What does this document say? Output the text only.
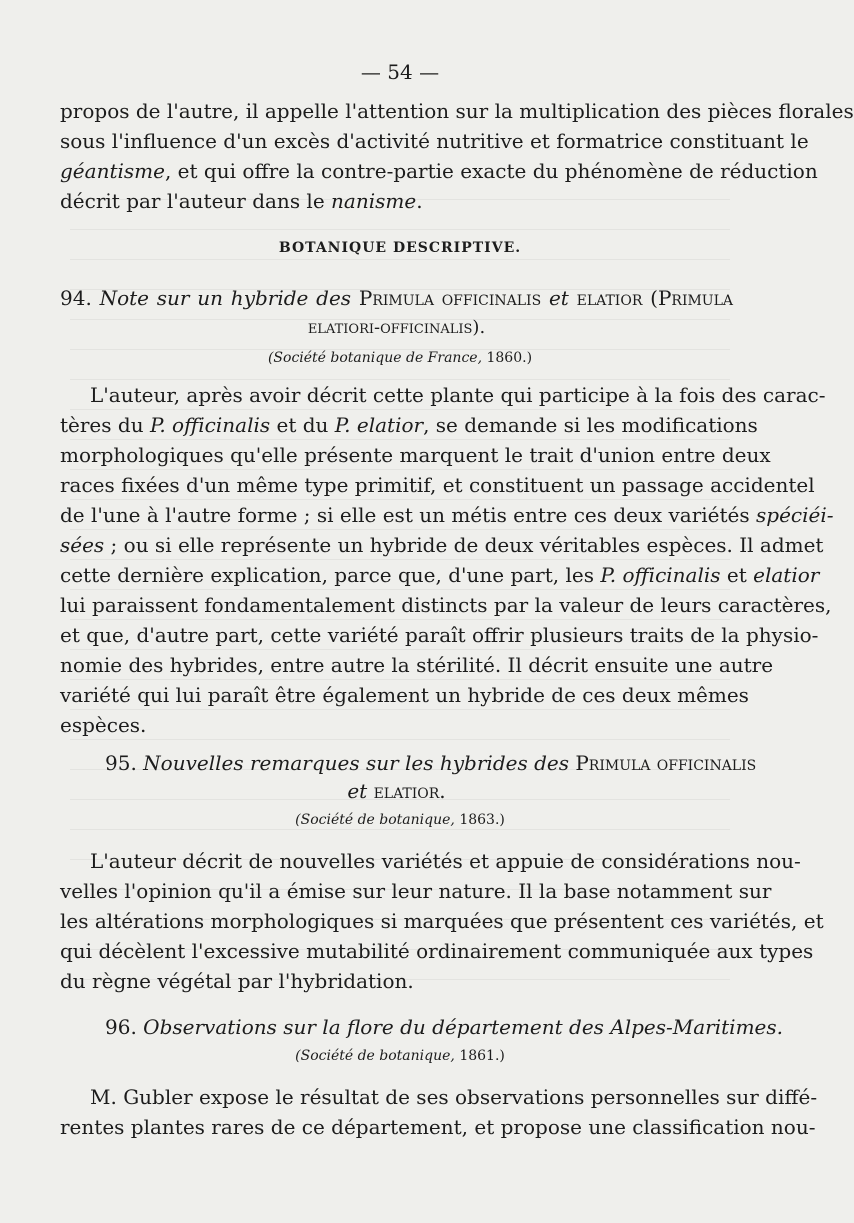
— 54 —
propos de l'autre, il appelle l'attention sur la multiplication des pièces florales
sous l'influence d'un excès d'activité nutritive et formatrice constituant le
géantisme, et qui offre la contre-partie exacte du phénomène de réduction
décrit par l'auteur dans le nanisme.
BOTANIQUE DESCRIPTIVE.
94. Note sur un hybride des Primula officinalis et elatior (Primula
elatiori-officinalis).
(Société botanique de France, 1860.)
L'auteur, après avoir décrit cette plante qui participe à la fois des carac-
tères du P. officinalis et du P. elatior, se demande si les modifications
morphologiques qu'elle présente marquent le trait d'union entre deux
races fixées d'un même type primitif, et constituent un passage accidentel
de l'une à l'autre forme ; si elle est un métis entre ces deux variétés spéciéi-
sées ; ou si elle représente un hybride de deux véritables espèces. Il admet
cette dernière explication, parce que, d'une part, les P. officinalis et elatior
lui paraissent fondamentalement distincts par la valeur de leurs caractères,
et que, d'autre part, cette variété paraît offrir plusieurs traits de la physio-
nomie des hybrides, entre autre la stérilité. Il décrit ensuite une autre
variété qui lui paraît être également un hybride de ces deux mêmes
espèces.
95. Nouvelles remarques sur les hybrides des Primula officinalis
et elatior.
(Société de botanique, 1863.)
L'auteur décrit de nouvelles variétés et appuie de considérations nou-
velles l'opinion qu'il a émise sur leur nature. Il la base notamment sur
les altérations morphologiques si marquées que présentent ces variétés, et
qui décèlent l'excessive mutabilité ordinairement communiquée aux types
du règne végétal par l'hybridation.
96. Observations sur la flore du département des Alpes-Maritimes.
(Société de botanique, 1861.)
M. Gubler expose le résultat de ses observations personnelles sur diffé-
rentes plantes rares de ce département, et propose une classification nou-
